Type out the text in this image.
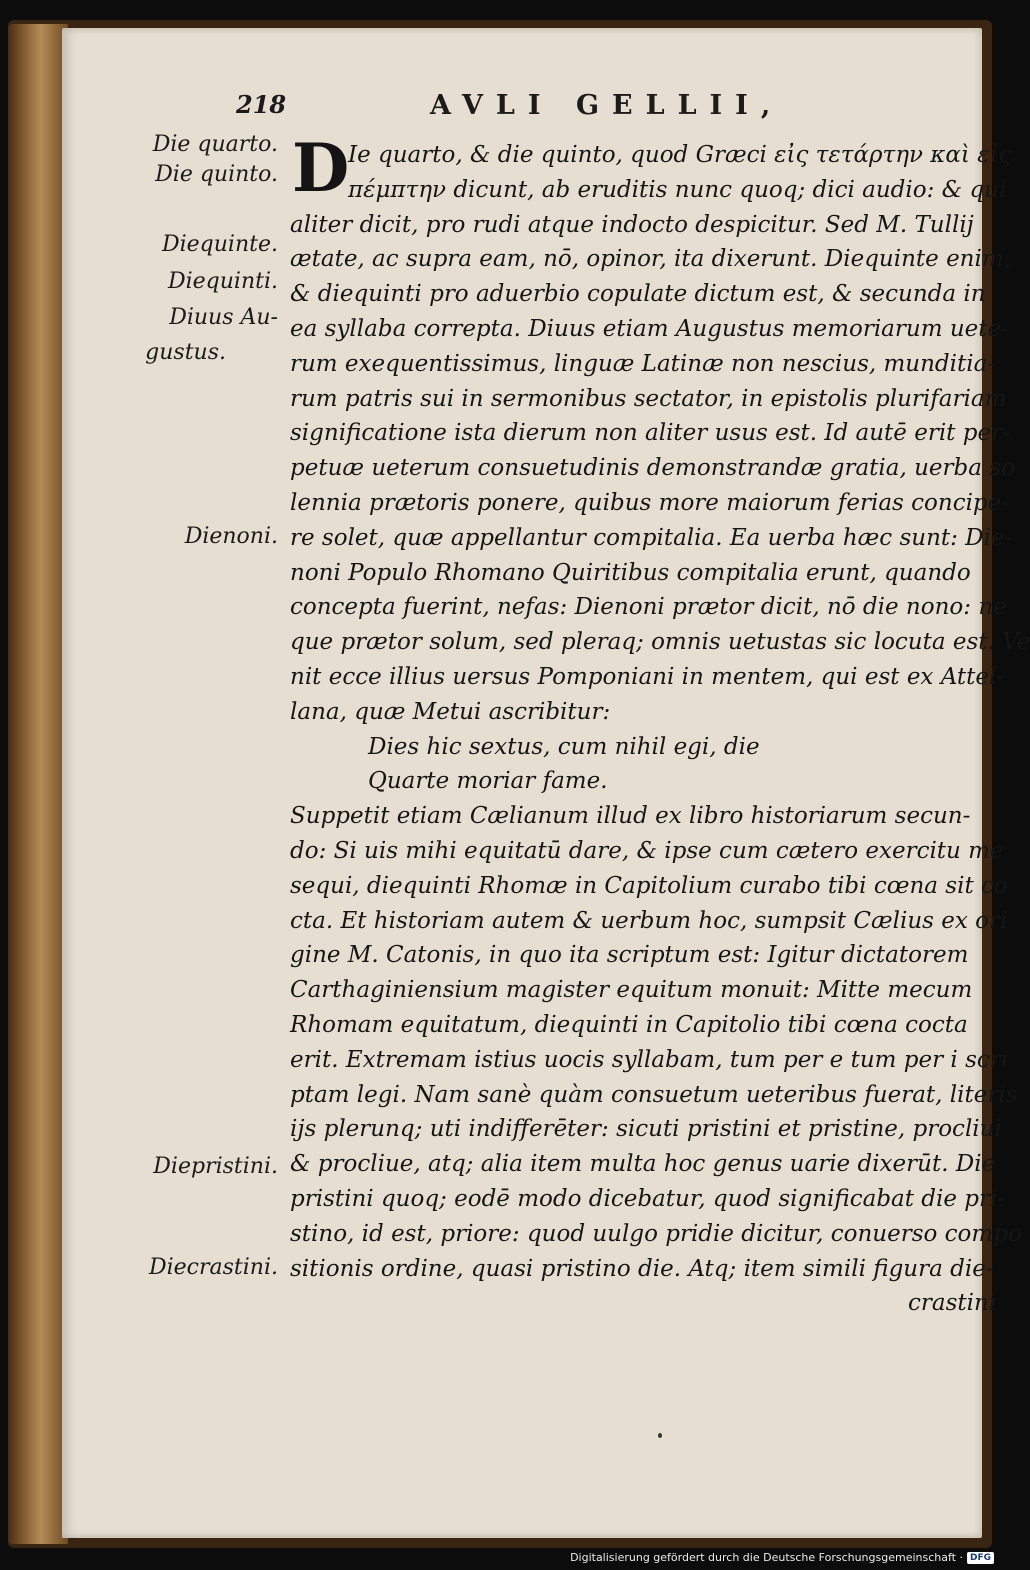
218	AVLI GELLII,
Die quarto.
Die quinto.
Diequinte.
Diequinti.
Diuus Au-
gustus.
Dienoni.
Diepristini.
Diecrastini.
D
Ie quarto, & die quinto, quod Græci εἰς τετάρτην καὶ εἰς
πέμπτην dicunt, ab eruditis nunc quoq; dici audio: & qui
aliter dicit, pro rudi atque indocto despicitur. Sed M. Tullij
ætate, ac supra eam, nō, opinor, ita dixerunt. Diequinte enim,
& diequinti pro aduerbio copulate dictum est, & secunda in
ea syllaba correpta. Diuus etiam Augustus memoriarum uete-
rum exequentissimus, linguæ Latinæ non nescius, munditia-
rum patris sui in sermonibus sectator, in epistolis plurifariam
significatione ista dierum non aliter usus est. Id autē erit per-
petuæ ueterum consuetudinis demonstrandæ gratia, uerba so
lennia prætoris ponere, quibus more maiorum ferias concipe-
re solet, quæ appellantur compitalia. Ea uerba hæc sunt: Die-
noni Populo Rhomano Quiritibus compitalia erunt, quando
concepta fuerint, nefas: Dienoni prætor dicit, nō die nono: ne
que prætor solum, sed pleraq; omnis uetustas sic locuta est. Ve
nit ecce illius uersus Pomponiani in mentem, qui est ex Attel-
lana, quæ Metui ascribitur:
Dies hic sextus, cum nihil egi, die
Quarte moriar fame.
Suppetit etiam Cælianum illud ex libro historiarum secun-
do: Si uis mihi equitatū dare, & ipse cum cætero exercitu me
sequi, diequinti Rhomæ in Capitolium curabo tibi cœna sit co
cta. Et historiam autem & uerbum hoc, sumpsit Cælius ex ori
gine M. Catonis, in quo ita scriptum est: Igitur dictatorem
Carthaginiensium magister equitum monuit: Mitte mecum
Rhomam equitatum, diequinti in Capitolio tibi cœna cocta
erit. Extremam istius uocis syllabam, tum per e tum per i scri
ptam legi. Nam sanè quàm consuetum ueteribus fuerat, literis
ijs plerunq; uti indifferēter: sicuti pristini et pristine, procliui
& procliue, atq; alia item multa hoc genus uarie dixerūt. Die
pristini quoq; eodē modo dicebatur, quod significabat die pri-
stino, id est, priore: quod uulgo pridie dicitur, conuerso compo
sitionis ordine, quasi pristino die. Atq; item simili figura die-
crastini
Digitalisierung gefördert durch die Deutsche Forschungsgemeinschaft · DFG
